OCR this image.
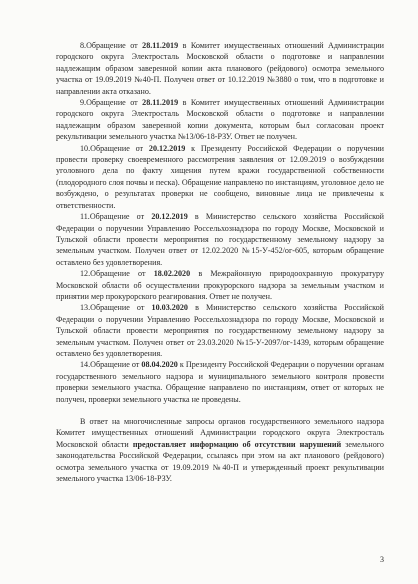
8.Обращение от 28.11.2019 в Комитет имущественных отношений Администрации городского округа Электросталь Московской области о подготовке и направлении надлежащим образом заверенной копии акта планового (рейдового) осмотра земельного участка от 19.09.2019 №40-П. Получен ответ от 10.12.2019 №3880 о том, что в подготовке и направлении акта отказано.

9.Обращение от 28.11.2019 в Комитет имущественных отношений Администрации городского округа Электросталь Московской области о подготовке и направлении надлежащим образом заверенной копии документа, которым был согласован проект рекультивации земельного участка №13/06-18-РЗУ. Ответ не получен.

10.Обращение от 20.12.2019 к Президенту Российской Федерации о поручении провести проверку своевременного рассмотрения заявления от 12.09.2019 о возбуждении уголовного дела по факту хищения путем кражи государственной собственности (плодородного слоя почвы и песка). Обращение направлено по инстанциям, уголовное дело не возбуждено, о результатах проверки не сообщено, виновные лица не привлечены к ответственности.

11.Обращение от 20.12.2019 в Министерство сельского хозяйства Российской Федерации о поручении Управлению Россельхознадзора по городу Москве, Московской и Тульской области провести мероприятия по государственному земельному надзору за земельным участком. Получен ответ от 12.02.2020 №15-У-452/ог-605, которым обращение оставлено без удовлетворения.

12.Обращение от 18.02.2020 в Межрайонную природоохранную прокуратуру Московской области об осуществлении прокурорского надзора за земельным участком и принятии мер прокурорского реагирования. Ответ не получен.

13.Обращение от 10.03.2020 в Министерство сельского хозяйства Российской Федерации о поручении Управлению Россельхознадзора по городу Москве, Московской и Тульской области провести мероприятия по государственному земельному надзору за земельным участком. Получен ответ от 23.03.2020 №15-У-2097/ог-1439, которым обращение оставлено без удовлетворения.

14.Обращение от 08.04.2020 к Президенту Российской Федерации о поручении органам государственного земельного надзора и муниципального земельного контроля провести проверки земельного участка. Обращение направлено по инстанциям, ответ от которых не получен, проверки земельного участка не проведены.

В ответ на многочисленные запросы органов государственного земельного надзора Комитет имущественных отношений Администрации городского округа Электросталь Московской области предоставляет информацию об отсутствии нарушений земельного законодательства Российской Федерации, ссылаясь при этом на акт планового (рейдового) осмотра земельного участка от 19.09.2019 №40-П и утвержденный проект рекультивации земельного участка 13/06-18-РЗУ.

3
